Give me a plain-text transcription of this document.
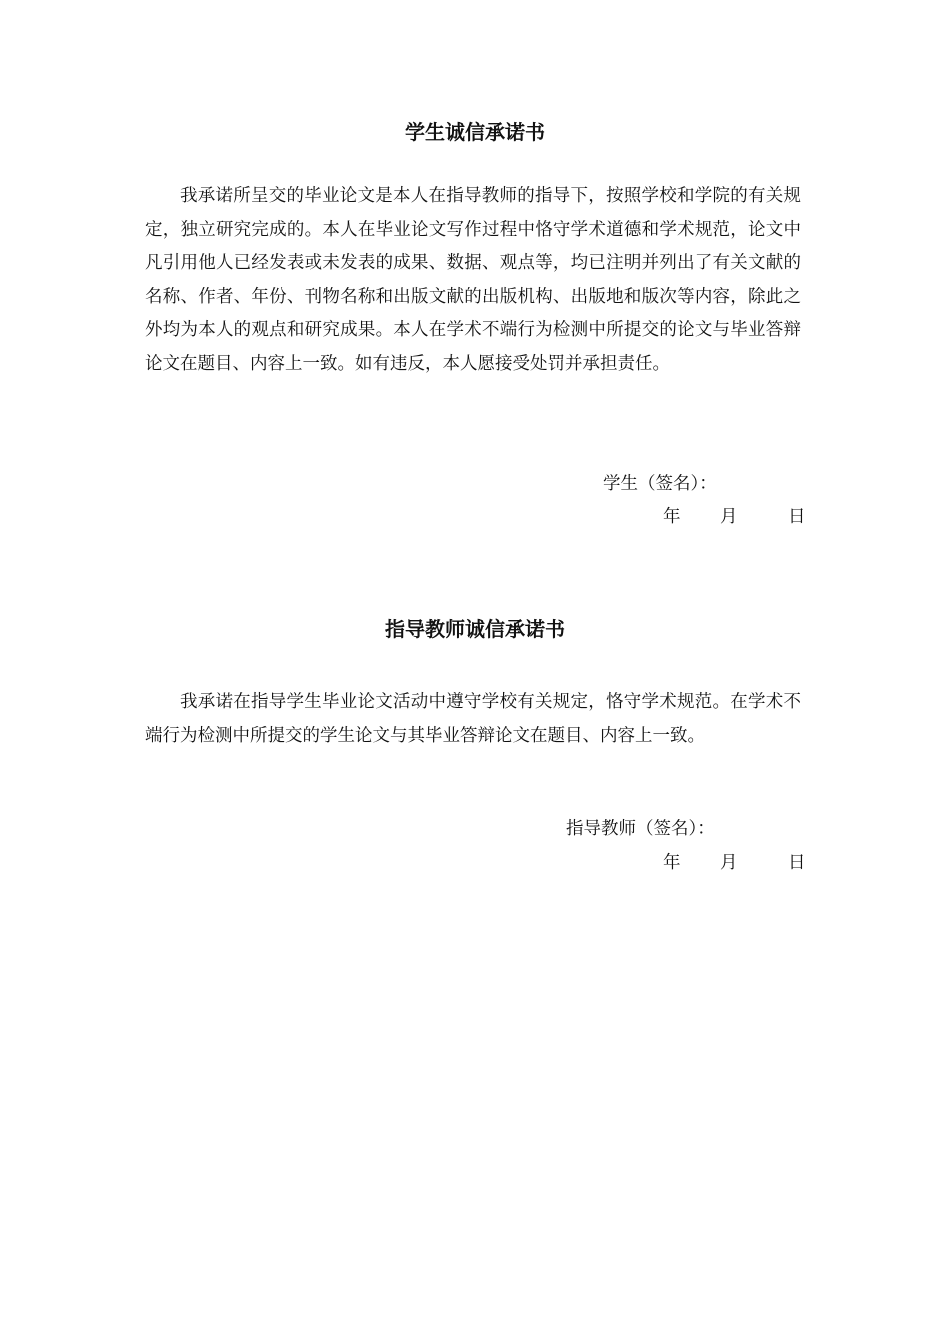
学生诚信承诺书

我承诺所呈交的毕业论文是本人在指导教师的指导下，按照学校和学院的有关规定，独立研究完成的。本人在毕业论文写作过程中恪守学术道德和学术规范，论文中凡引用他人已经发表或未发表的成果、数据、观点等，均已注明并列出了有关文献的名称、作者、年份、刊物名称和出版文献的出版机构、出版地和版次等内容，除此之外均为本人的观点和研究成果。本人在学术不端行为检测中所提交的论文与毕业答辩论文在题目、内容上一致。如有违反，本人愿接受处罚并承担责任。

学生（签名）：
年 月	日
指导教师诚信承诺书

我承诺在指导学生毕业论文活动中遵守学校有关规定，恪守学术规范。在学术不端行为检测中所提交的学生论文与其毕业答辩论文在题目、内容上一致。

指导教师（签名）：
年 月	日
